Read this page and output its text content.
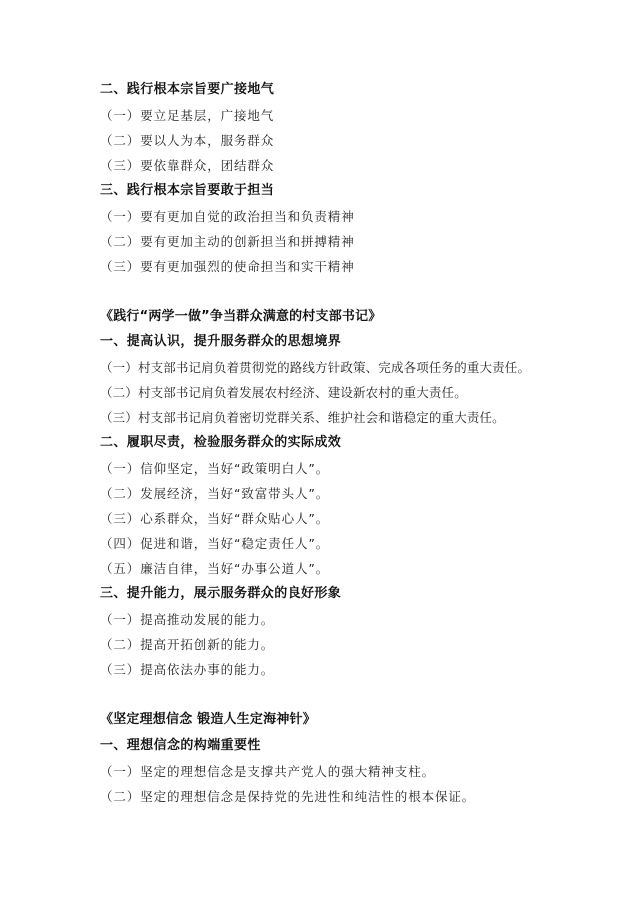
二、践行根本宗旨要广接地气
（一）要立足基层，广接地气
（二）要以人为本，服务群众
（三）要依靠群众，团结群众
三、践行根本宗旨要敢于担当
（一）要有更加自觉的政治担当和负责精神
（二）要有更加主动的创新担当和拼搏精神
（三）要有更加强烈的使命担当和实干精神
《践行“两学一做”争当群众满意的村支部书记》
一、提高认识，提升服务群众的思想境界
（一）村支部书记肩负着贯彻党的路线方针政策、完成各项任务的重大责任。
（二）村支部书记肩负着发展农村经济、建设新农村的重大责任。
（三）村支部书记肩负着密切党群关系、维护社会和谐稳定的重大责任。
二、履职尽责，检验服务群众的实际成效
（一）信仰坚定，当好“政策明白人”。
（二）发展经济，当好“致富带头人”。
（三）心系群众，当好“群众贴心人”。
（四）促进和谐，当好“稳定责任人”。
（五）廉洁自律，当好“办事公道人”。
三、提升能力，展示服务群众的良好形象
（一）提高推动发展的能力。
（二）提高开拓创新的能力。
（三）提高依法办事的能力。
《坚定理想信念 锻造人生定海神针》
一、理想信念的构端重要性
（一）坚定的理想信念是支撑共产党人的强大精神支柱。
（二）坚定的理想信念是保持党的先进性和纯洁性的根本保证。
